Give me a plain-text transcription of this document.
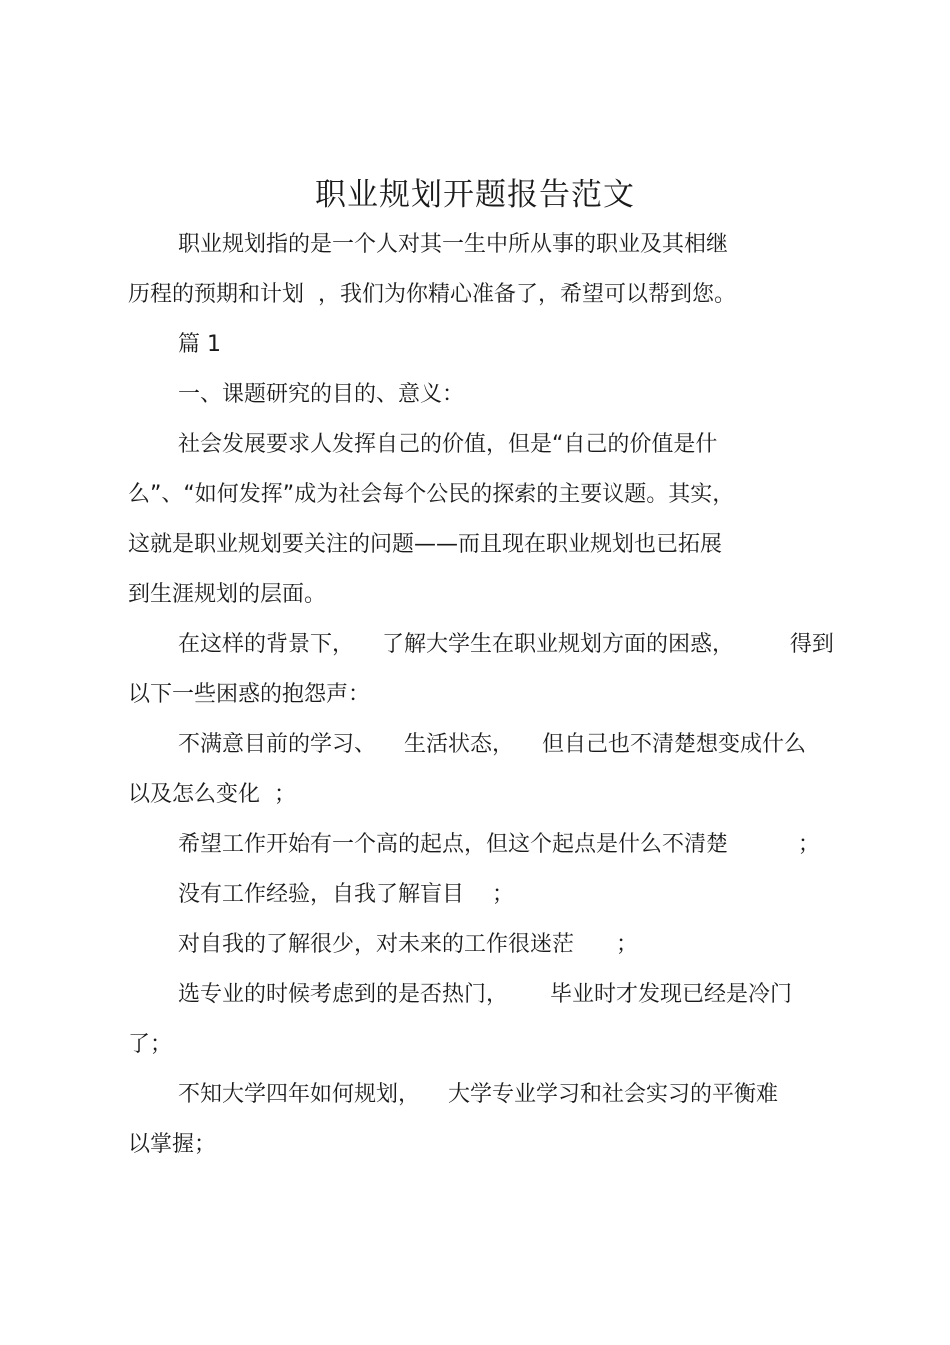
职业规划开题报告范文
职业规划指的是一个人对其一生中所从事的职业及其相继
历程的预期和计划  ，我们为你精心准备了，希望可以帮到您。
篇 1
一、课题研究的目的、意义：
社会发展要求人发挥自己的价值，但是“自己的价值是什
么”、“如何发挥”成为社会每个公民的探索的主要议题。其实，
这就是职业规划要关注的问题——而且现在职业规划也已拓展
到生涯规划的层面。
在这样的背景下，    了解大学生在职业规划方面的困惑，        得到
以下一些困惑的抱怨声：
不满意目前的学习、    生活状态，    但自己也不清楚想变成什么
以及怎么变化  ；
希望工作开始有一个高的起点，但这个起点是什么不清楚          ；
没有工作经验，自我了解盲目    ；
对自我的了解很少，对未来的工作很迷茫      ；
选专业的时候考虑到的是否热门，      毕业时才发现已经是冷门
了；
不知大学四年如何规划，    大学专业学习和社会实习的平衡难
以掌握；
